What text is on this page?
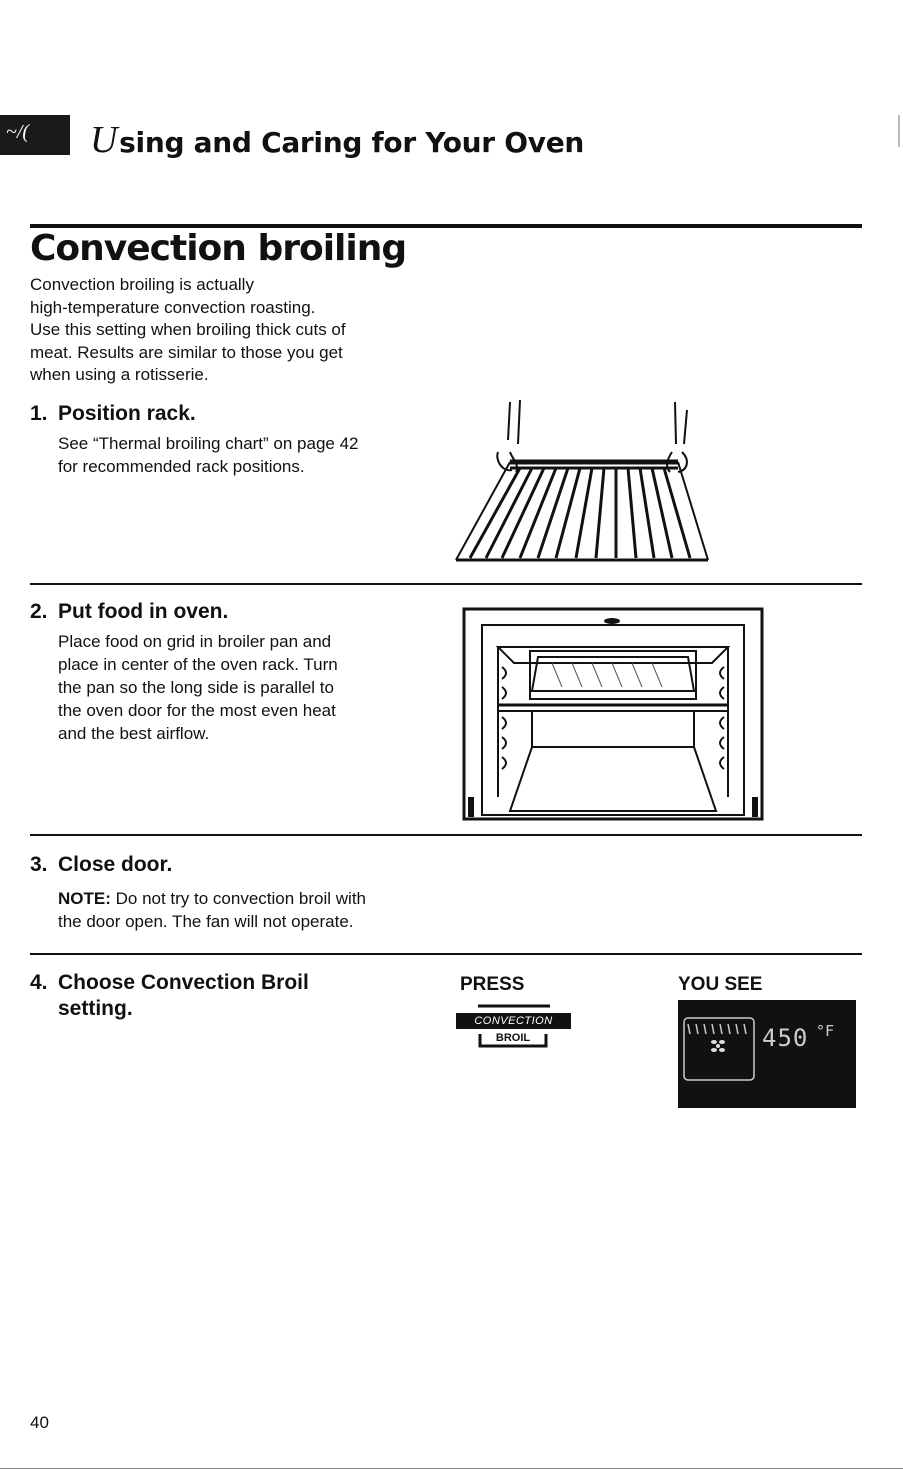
~/( Using and Caring for Your Oven
Convection broiling
Convection broiling is actually
high-temperature convection roasting.
Use this setting when broiling thick cuts of
meat. Results are similar to those you get
when using a rotisserie.
1. Position rack.
See “Thermal broiling chart” on page 42
for recommended rack positions.
2. Put food in oven.
Place food on grid in broiler pan and
place in center of the oven rack. Turn
the pan so the long side is parallel to
the oven door for the most even heat
and the best airflow.
3. Close door.
NOTE: Do not try to convection broil with
the door open. The fan will not operate.
4. Choose Convection Broil
setting.
PRESS	YOU SEE
CONVECTION
BROIL	450 °F
40
